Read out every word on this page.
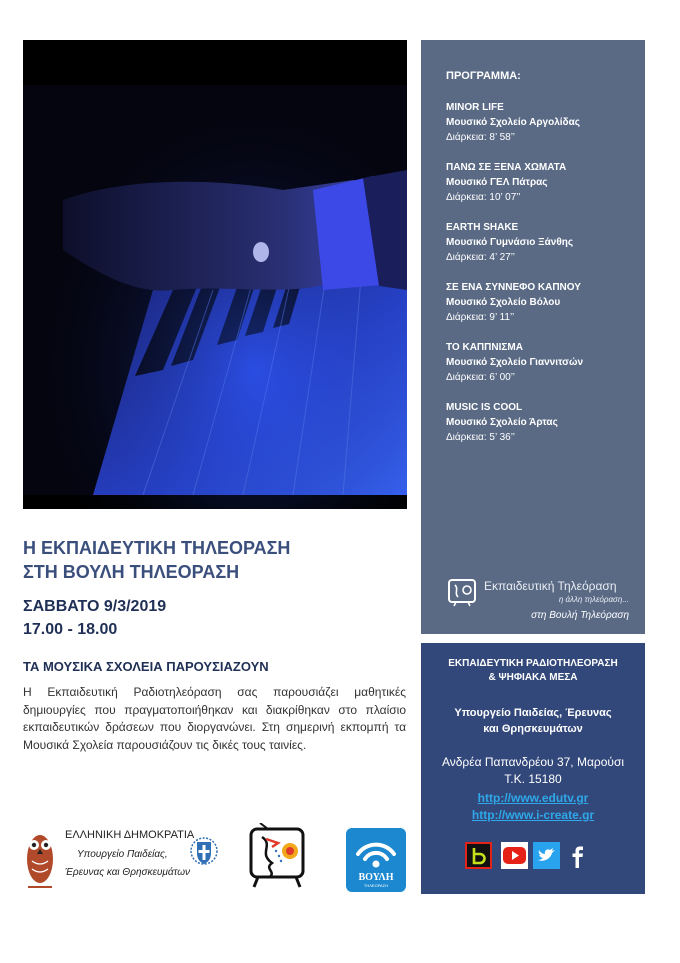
ΠΡΟΓΡΑΜΜΑ:
MINOR LIFE
Μουσικό Σχολείο Αργολίδας
Διάρκεια: 8’ 58’’
ΠΑΝΩ ΣΕ ΞΕΝΑ ΧΩΜΑΤΑ
Μουσικό ΓΕΛ Πάτρας
Διάρκεια: 10’ 07’’
EARTH SHAKE
Μουσικό Γυμνάσιο Ξάνθης
Διάρκεια: 4’ 27’’
ΣΕ ΕΝΑ ΣΥΝΝΕΦΟ ΚΑΠΝΟΥ
Μουσικό Σχολείο Βόλου
Διάρκεια: 9’ 11’’
ΤΟ ΚΑΠΠΝΙΣΜΑ
Μουσικό Σχολείο Γιαννιτσών
Διάρκεια: 6’ 00’’
MUSIC IS COOL
Μουσικό Σχολείο Άρτας
Διάρκεια: 5’ 36’’
Εκπαιδευτική Τηλεόραση
η άλλη τηλεόραση...
στη Βουλή Τηλεόραση
Η ΕΚΠΑΙΔΕΥΤΙΚΗ ΤΗΛΕΟΡΑΣΗ
ΣΤΗ ΒΟΥΛΗ ΤΗΛΕΟΡΑΣΗ
ΣΑΒΒΑΤΟ 9/3/2019
17.00 - 18.00
ΤΑ ΜΟΥΣΙΚΑ ΣΧΟΛΕΙΑ ΠΑΡΟΥΣΙΑΖΟΥΝ
Η Εκπαιδευτική Ραδιοτηλεόραση σας παρουσιάζει μαθητικές δημιουργίες που πραγματοποιήθηκαν και διακρίθηκαν στο πλαίσιο εκπαιδευτικών δράσεων που διοργανώνει. Στη σημερινή εκπομπή τα Μουσικά Σχολεία παρουσιάζουν τις δικές τους ταινίες.
ΕΛΛΗΝΙΚΗ ΔΗΜΟΚΡΑΤΙΑ
Υπουργείο Παιδείας,
Έρευνας και Θρησκευμάτων	ΒΟΥΛΗ
ΤΗΛΕΟΡΑΣΗ
ΕΚΠΑΙΔΕΥΤΙΚΗ ΡΑΔΙΟΤΗΛΕΟΡΑΣΗ
& ΨΗΦΙΑΚΑ ΜΕΣΑ
Υπουργείο Παιδείας, Έρευνας
και Θρησκευμάτων
Ανδρέα Παπανδρέου 37, Μαρούσι
Τ.Κ. 15180
http://www.edutv.gr
http://www.i-create.gr
